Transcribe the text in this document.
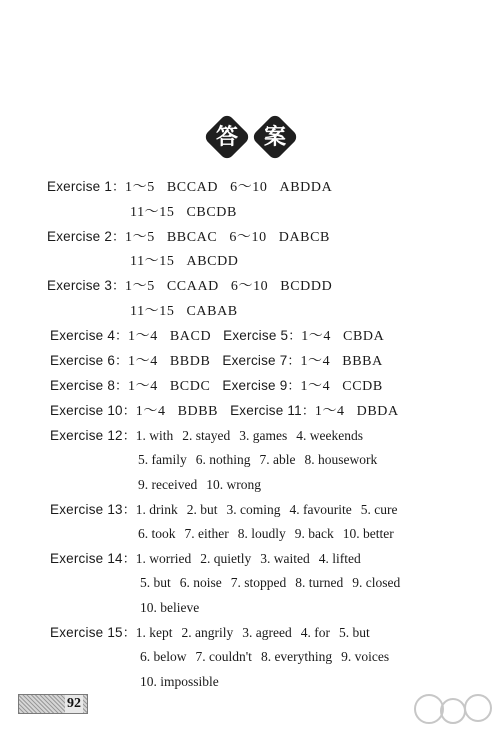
答	案
Exercise 1：1～5 BCCAD 6～10 ABDDA
11～15 CBCDB
Exercise 2：1～5 BBCAC 6～10 DABCB
11～15 ABCDD
Exercise 3：1～5 CCAAD 6～10 BCDDD
11～15 CABAB
Exercise 4：1～4 BACD Exercise 5：1～4 CBDA
Exercise 6：1～4 BBDB Exercise 7：1～4 BBBA
Exercise 8：1～4 BCDC Exercise 9：1～4 CCDB
Exercise 10：1～4 BDBB Exercise 11：1～4 DBDA
Exercise 12：1. with 2. stayed 3. games 4. weekends
5. family 6. nothing 7. able 8. housework
9. received 10. wrong
Exercise 13：1. drink 2. but 3. coming 4. favourite 5. cure
6. took 7. either 8. loudly 9. back 10. better
Exercise 14：1. worried 2. quietly 3. waited 4. lifted
5. but 6. noise 7. stopped 8. turned 9. closed
10. believe
Exercise 15：1. kept 2. angrily 3. agreed 4. for 5. but
6. below 7. couldn't 8. everything 9. voices
10. impossible
92
